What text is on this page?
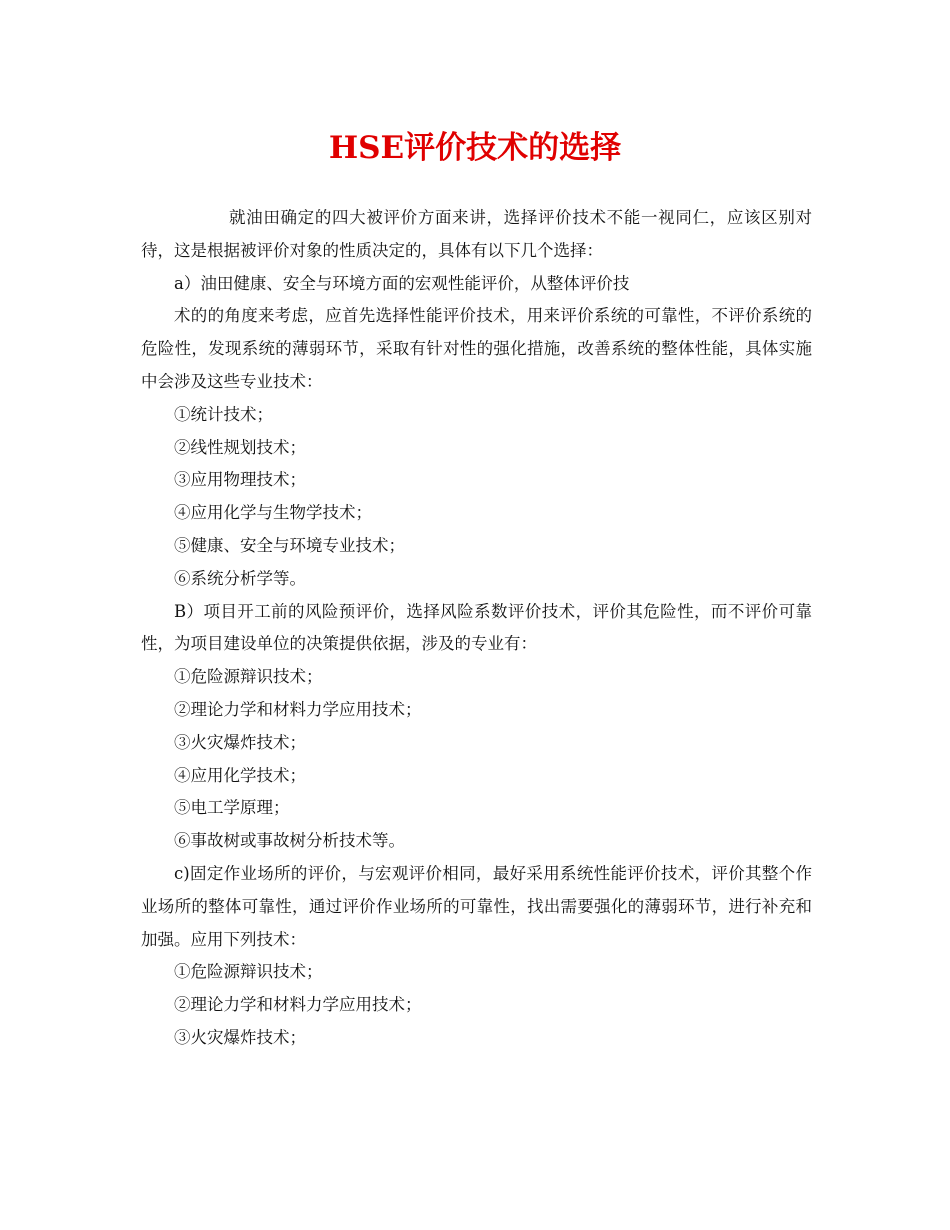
HSE评价技术的选择

就油田确定的四大被评价方面来讲，选择评价技术不能一视同仁，应该区别对待，这是根据被评价对象的性质决定的，具体有以下几个选择：

a）油田健康、安全与环境方面的宏观性能评价，从整体评价技

术的的角度来考虑，应首先选择性能评价技术，用来评价系统的可靠性，不评价系统的危险性，发现系统的薄弱环节，采取有针对性的强化措施，改善系统的整体性能，具体实施中会涉及这些专业技术：

①统计技术；

②线性规划技术；

③应用物理技术；

④应用化学与生物学技术；

⑤健康、安全与环境专业技术；

⑥系统分析学等。

B）项目开工前的风险预评价，选择风险系数评价技术，评价其危险性，而不评价可靠性，为项目建设单位的决策提供依据，涉及的专业有：

①危险源辩识技术；

②理论力学和材料力学应用技术；

③火灾爆炸技术；

④应用化学技术；

⑤电工学原理；

⑥事故树或事故树分析技术等。

c)固定作业场所的评价，与宏观评价相同，最好采用系统性能评价技术，评价其整个作业场所的整体可靠性，通过评价作业场所的可靠性，找出需要强化的薄弱环节，进行补充和加强。应用下列技术：

①危险源辩识技术；

②理论力学和材料力学应用技术；

③火灾爆炸技术；
